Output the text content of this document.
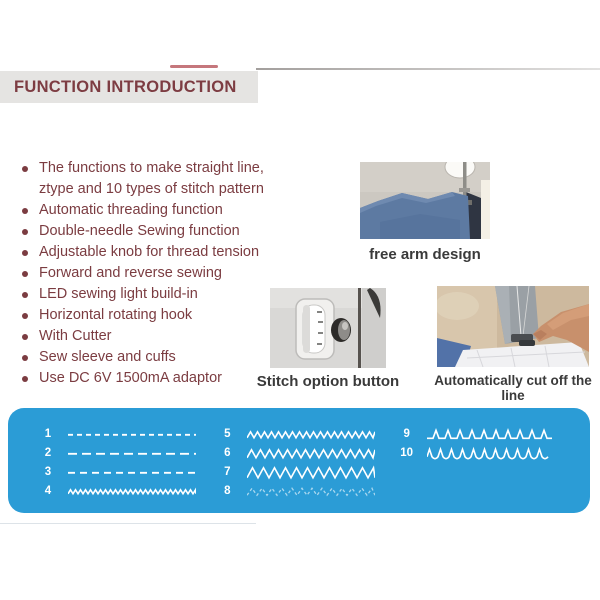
FUNCTION INTRODUCTION
The functions to make straight line, ztype and 10 types of stitch pattern
Automatic threading function
Double-needle Sewing function
Adjustable knob for thread tension
Forward and reverse sewing
LED sewing light build-in
Horizontal rotating hook
With Cutter
Sew sleeve and cuffs
Use DC 6V 1500mA adaptor
free arm design
Stitch option button	Automatically cut off the line
1
2
3
4
5
6
7
8
9
10
